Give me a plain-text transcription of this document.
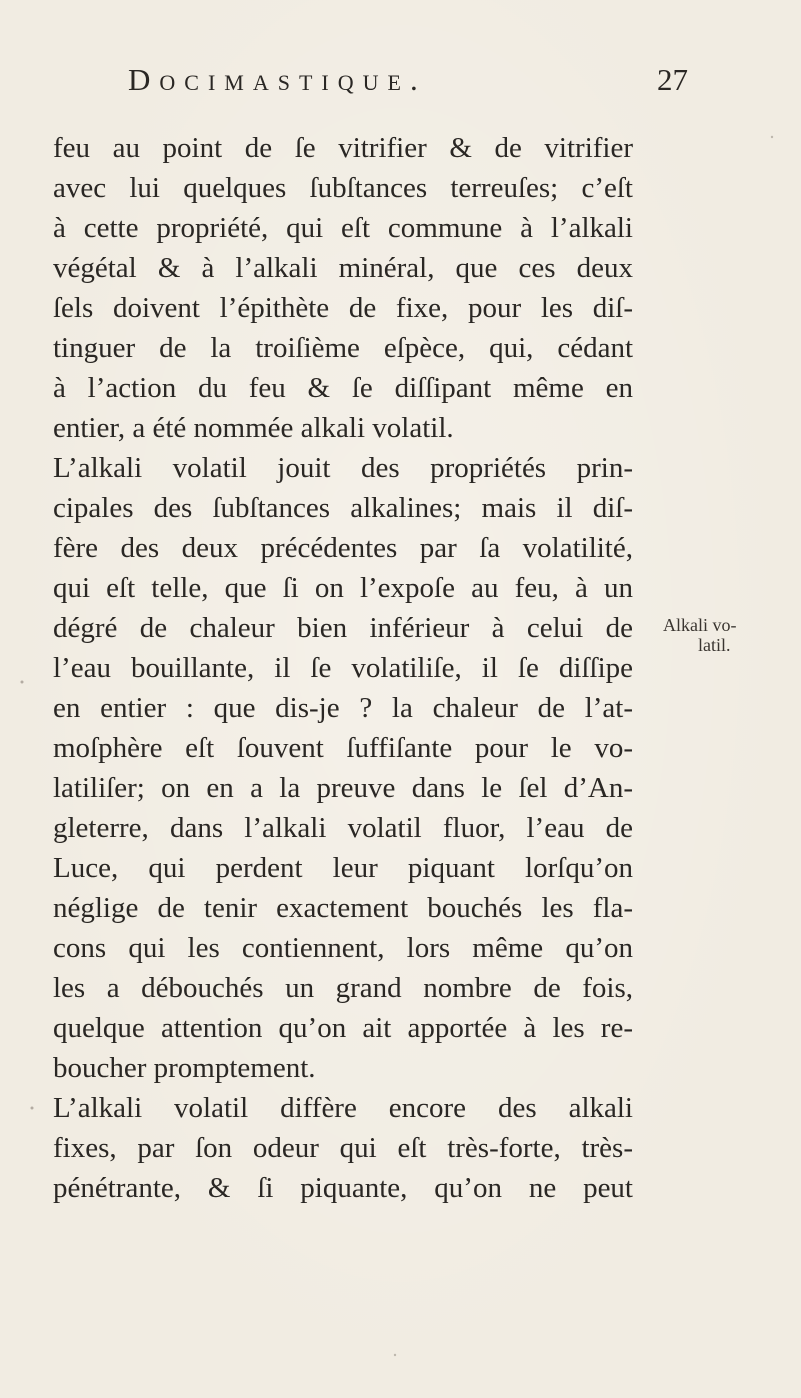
Docimastique.	27
Alkali vo-
latil.
feu au point de ſe vitrifier & de vitrifier
avec lui quelques ſubſtances terreuſes; c’eſt
à cette propriété, qui eſt commune à l’alkali
végétal & à l’alkali minéral, que ces deux
ſels doivent l’épithète de fixe, pour les diſ-
tinguer de la troiſième eſpèce, qui, cédant
à l’action du feu & ſe diſſipant même en
entier, a été nommée alkali volatil.
L’alkali volatil jouit des propriétés prin-
cipales des ſubſtances alkalines; mais il diſ-
fère des deux précédentes par ſa volatilité,
qui eſt telle, que ſi on l’expoſe au feu, à un
dégré de chaleur bien inférieur à celui de
l’eau bouillante, il ſe volatiliſe, il ſe diſſipe
en entier : que dis-je ? la chaleur de l’at-
moſphère eſt ſouvent ſuffiſante pour le vo-
latiliſer; on en a la preuve dans le ſel d’An-
gleterre, dans l’alkali volatil fluor, l’eau de
Luce, qui perdent leur piquant lorſqu’on
néglige de tenir exactement bouchés les fla-
cons qui les contiennent, lors même qu’on
les a débouchés un grand nombre de fois,
quelque attention qu’on ait apportée à les re-
boucher promptement.
L’alkali volatil diffère encore des alkali
fixes, par ſon odeur qui eſt très-forte, très-
pénétrante, & ſi piquante, qu’on ne peut
